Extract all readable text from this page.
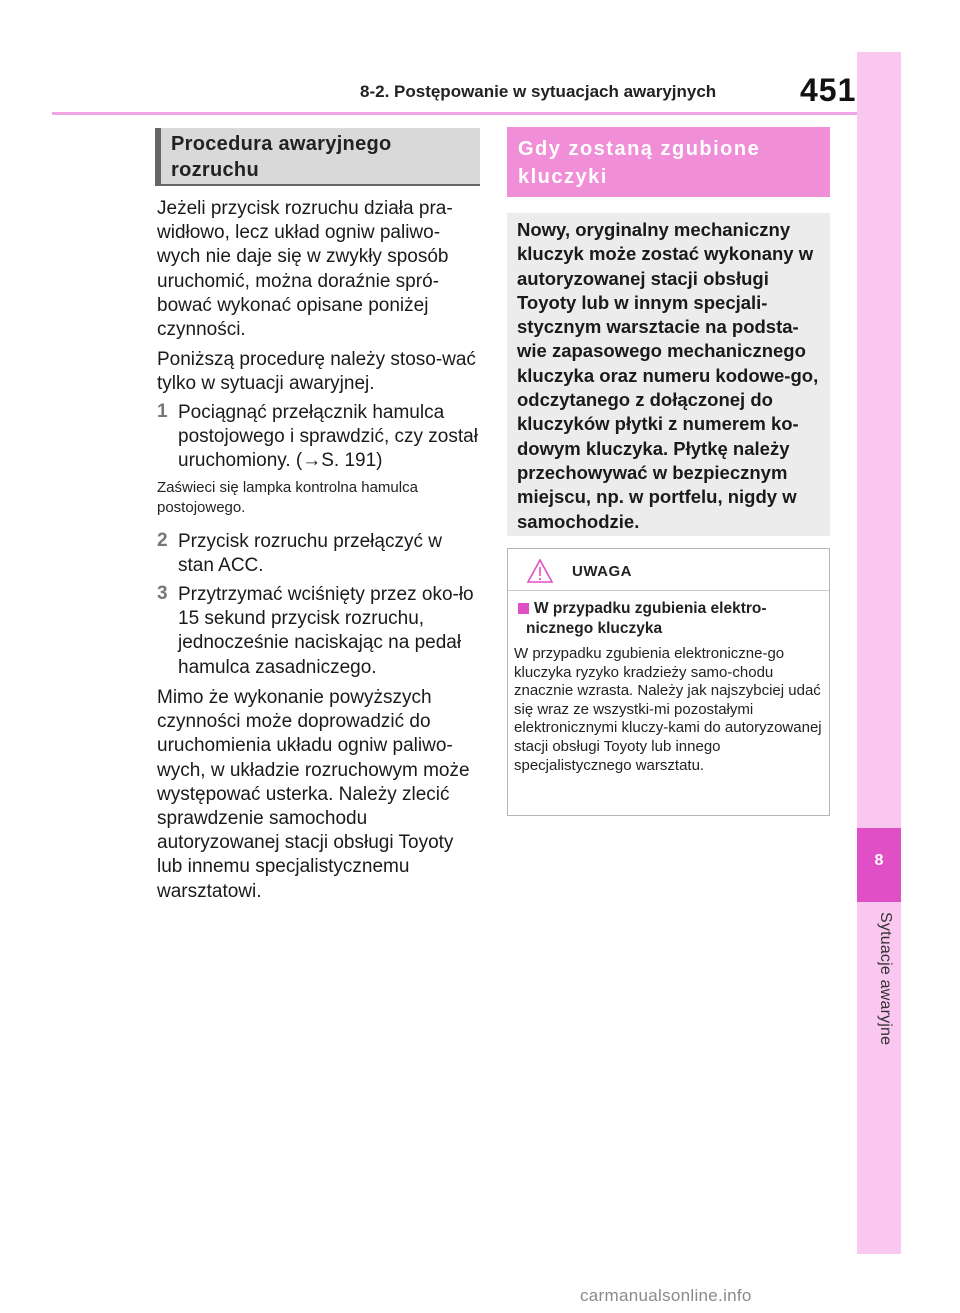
8-2. Postępowanie w sytuacjach awaryjnych	451
8
Sytuacje awaryjne
Procedura awaryjnego rozruchu
Jeżeli przycisk rozruchu działa pra-widłowo, lecz układ ogniw paliwo-wych nie daje się w zwykły sposób uruchomić, można doraźnie spró-bować wykonać opisane poniżej czynności.
Poniższą procedurę należy stoso-wać tylko w sytuacji awaryjnej.
1 Pociągnąć przełącznik hamulca postojowego i sprawdzić, czy został uruchomiony. (→S. 191)
Zaświeci się lampka kontrolna hamulca postojowego.
2 Przycisk rozruchu przełączyć w stan ACC.
3 Przytrzymać wciśnięty przez oko-ło 15 sekund przycisk rozruchu, jednocześnie naciskając na pedał hamulca zasadniczego.
Mimo że wykonanie powyższych czynności może doprowadzić do uruchomienia układu ogniw paliwo-wych, w układzie rozruchowym może występować usterka. Należy zlecić sprawdzenie samochodu autoryzowanej stacji obsługi Toyoty lub innemu specjalistycznemu warsztatowi.
Gdy zostaną zgubione kluczyki
Nowy, oryginalny mechaniczny kluczyk może zostać wykonany w autoryzowanej stacji obsługi Toyoty lub w innym specjali-stycznym warsztacie na podsta-wie zapasowego mechanicznego kluczyka oraz numeru kodowe-go, odczytanego z dołączonej do kluczyków płytki z numerem ko-dowym kluczyka. Płytkę należy przechowywać w bezpiecznym miejscu, np. w portfelu, nigdy w samochodzie.
UWAGA
W przypadku zgubienia elektro-nicznego kluczyka
W przypadku zgubienia elektroniczne-go kluczyka ryzyko kradzieży samo-chodu znacznie wzrasta. Należy jak najszybciej udać się wraz ze wszystki-mi pozostałymi elektronicznymi kluczy-kami do autoryzowanej stacji obsługi Toyoty lub innego specjalistycznego warsztatu.
carmanualsonline.info
